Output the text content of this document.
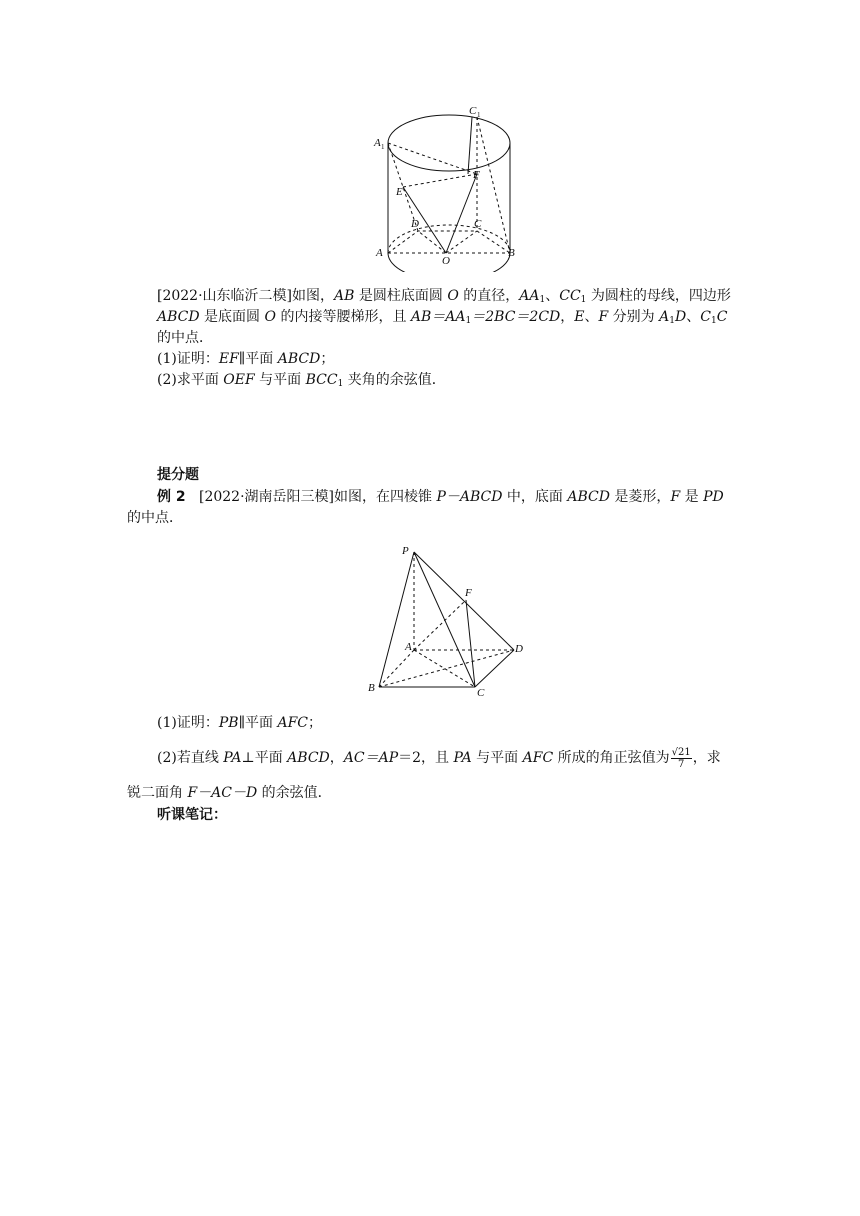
C 1
A 1
F
E
D	C
A	B
O

[2022·山东临沂二模]如图，AB 是圆柱底面圆 O 的直径，$AA_1$、$CC_1$ 为圆柱的母线，四边形 ABCD 是底面圆 O 的内接等腰梯形，且 $AB=AA_1=2BC=2CD$，E、F 分别为 $A_1D$、$C_1C$ 的中点．

(1)证明：EF∥平面 ABCD；

(2)求平面 OEF 与平面 $BCC_1$ 夹角的余弦值．

提分题

例 2 [2022·湖南岳阳三模]如图，在四棱锥 P－ABCD 中，底面 ABCD 是菱形，F 是 PD
的中点．

P
F
A	D
B	C

(1)证明：PB∥平面 AFC；

(2)若直线 PA⊥平面 ABCD，AC＝AP＝2，且 PA 与平面 AFC 所成的角正弦值为 $\frac{√21}{7}$ ，求

锐二面角 F－AC－D 的余弦值．

听课笔记：
